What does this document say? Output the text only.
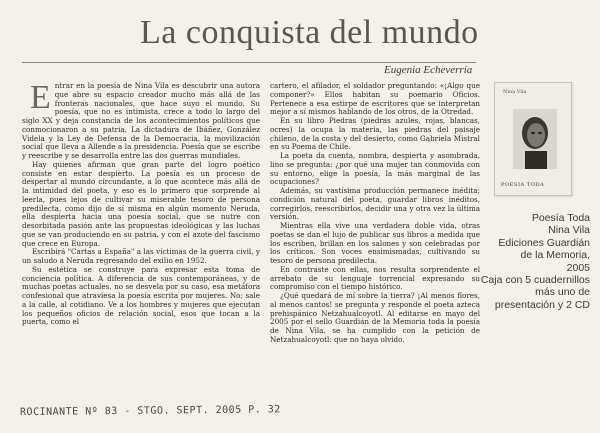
La conquista del mundo
Eugenia Echeverría

Entrar en la poesía de Nina Vila es descubrir una autora que abre su espacio creador mucho más allá de las fronteras nacionales, que hace suyo el mundo. Su poesía, que no es intimista, crece a todo lo largo del siglo XX y deja constancia de los acontecimientos políticos que conmocionaron a su patria. La dictadura de Ibáñez, González Videla y la Ley de Defensa de la Democracia, la movilización social que lleva a Allende a la presidencia. Poesía que se escribe y reescribe y se desarrolla entre las dos guerras mundiales.

Hay quienes afirman que gran parte del logro poético consiste en estar despierto. La poesía es un proceso de despertar al mundo circundante, a lo que acontece más allá de la intimidad del poeta, y eso es lo primero que sorprende al leerla, pues lejos de cultivar su miserable tesoro de persona predilecta, como dijo de sí misma en algún momento Neruda, ella despierta hacia una poesía social, que se nutre con desorbitada pasión ante las propuestas ideológicas y las luchas que se van produciendo en su patria, y con el azote del fascismo que crece en Europa.

Escribirá "Cartas a España" a las víctimas de la guerra civil, y un saludo a Neruda regresando del exilio en 1952.

Su estética se construye para expresar esta toma de conciencia política. A diferencia de sus contemporáneas, y de muchas poetas actuales, no se desvela por su caso, esa metáfora confesional que atraviesa la poesía escrita por mujeres. No; sale a la calle, al cotidiano. Ve a los hombres y mujeres que ejecutan los pequeños oficios de relación social, esos que tocan a la puerta, como el

cartero, el afilador, el soldador preguntando: «¡Algo que componer?» Ellos habitan su poemario Oficios. Pertenece a esa estirpe de escritores que se interpretan mejor a sí mismos hablando de los otros, de la Otredad.

En su libro Piedras (piedras azules, rojas, blancas, ocres) la ocupa la materia, las piedras del paisaje chileno, de la costa y del desierto, como Gabriela Mistral en su Poema de Chile.

La poeta da cuenta, nombra, despierta y asombrada, lino se pregunta: ¿por qué una mujer tan conmovida con su entorno, elige la poesía, la más marginal de las ocupaciones?

Además, su vastísima producción permanece inédita; condición natural del poeta, guardar libros inéditos, corregirlos, reescribirlos, decidir una y otra vez la última versión.

Mientras ella vive una verdadera doble vida, otras poetas se dan el lujo de publicar sus libros a medida que los escriben, brillan en los salones y son celebradas por los críticos. Son voces ensimismadas, cultivando su tesoro de persona predilecta.

En contraste con ellas, nos resulta sorprendente el arrebato de su lenguaje torrencial expresando su compromiso con el tiempo histórico.

¿Qué quedará de mí sobre la tierra? ¡Al menos flores, al menos cantos! se pregunta y responde el poeta azteca prehispánico Netzahualcoyotl. Al editarse en mayo del 2005 por el sello Guardián de la Memoria toda la poesía de Nina Vila, se ha cumplido con la petición de Netzahualcoyotl: que no haya olvido.

Nina Vila
POESIA TODA
Poesía Toda
Nina Vila
Ediciones Guardián
de la Memoria,
2005
Caja con 5 cuadernillos más uno de
presentación y 2 CD
ROCINANTE Nº 83 - STGO. SEPT. 2005 P. 32
